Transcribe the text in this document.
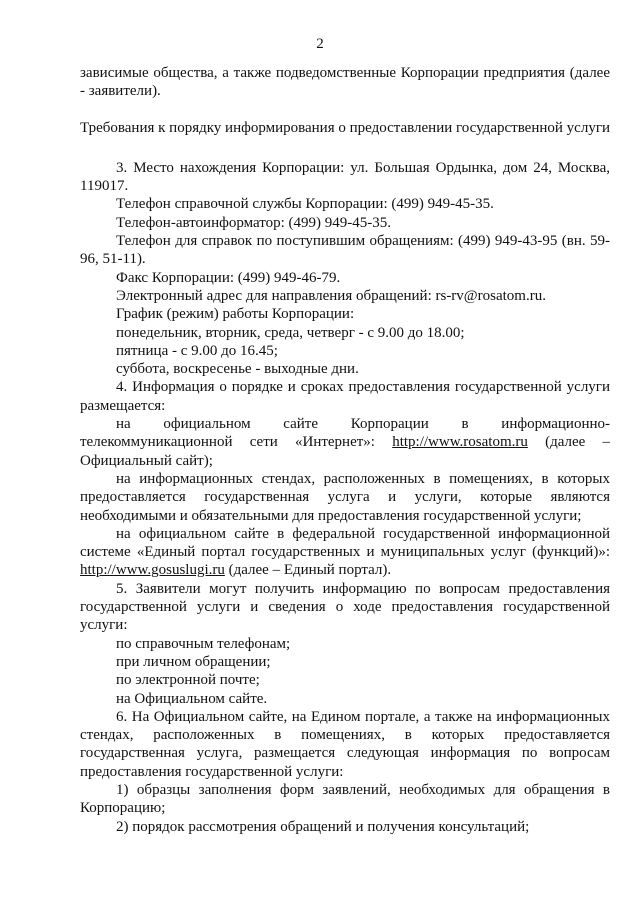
2

зависимые общества, а также подведомственные Корпорации предприятия (далее - заявители).

Требования к порядку информирования о предоставлении государственной услуги

3. Место нахождения Корпорации: ул. Большая Ордынка, дом 24, Москва, 119017.

Телефон справочной службы Корпорации: (499) 949-45-35.

Телефон-автоинформатор: (499) 949-45-35.

Телефон для справок по поступившим обращениям: (499) 949-43-95 (вн. 59-96, 51-11).

Факс Корпорации: (499) 949-46-79.

Электронный адрес для направления обращений: rs-rv@rosatom.ru.

График (режим) работы Корпорации:

понедельник, вторник, среда, четверг - с 9.00 до 18.00;

пятница - с 9.00 до 16.45;

суббота, воскресенье - выходные дни.

4. Информация о порядке и сроках предоставления государственной услуги размещается:

на официальном сайте Корпорации в информационно-телекоммуникационной сети «Интернет»: http://www.rosatom.ru (далее – Официальный сайт);

на информационных стендах, расположенных в помещениях, в которых предоставляется государственная услуга и услуги, которые являются необходимыми и обязательными для предоставления государственной услуги;

на официальном сайте в федеральной государственной информационной системе «Единый портал государственных и муниципальных услуг (функций)»: http://www.gosuslugi.ru (далее – Единый портал).

5. Заявители могут получить информацию по вопросам предоставления государственной услуги и сведения о ходе предоставления государственной услуги:

по справочным телефонам;

при личном обращении;

по электронной почте;

на Официальном сайте.

6. На Официальном сайте, на Едином портале, а также на информационных стендах, расположенных в помещениях, в которых предоставляется государственная услуга, размещается следующая информация по вопросам предоставления государственной услуги:

1) образцы заполнения форм заявлений, необходимых для обращения в Корпорацию;

2) порядок рассмотрения обращений и получения консультаций;
